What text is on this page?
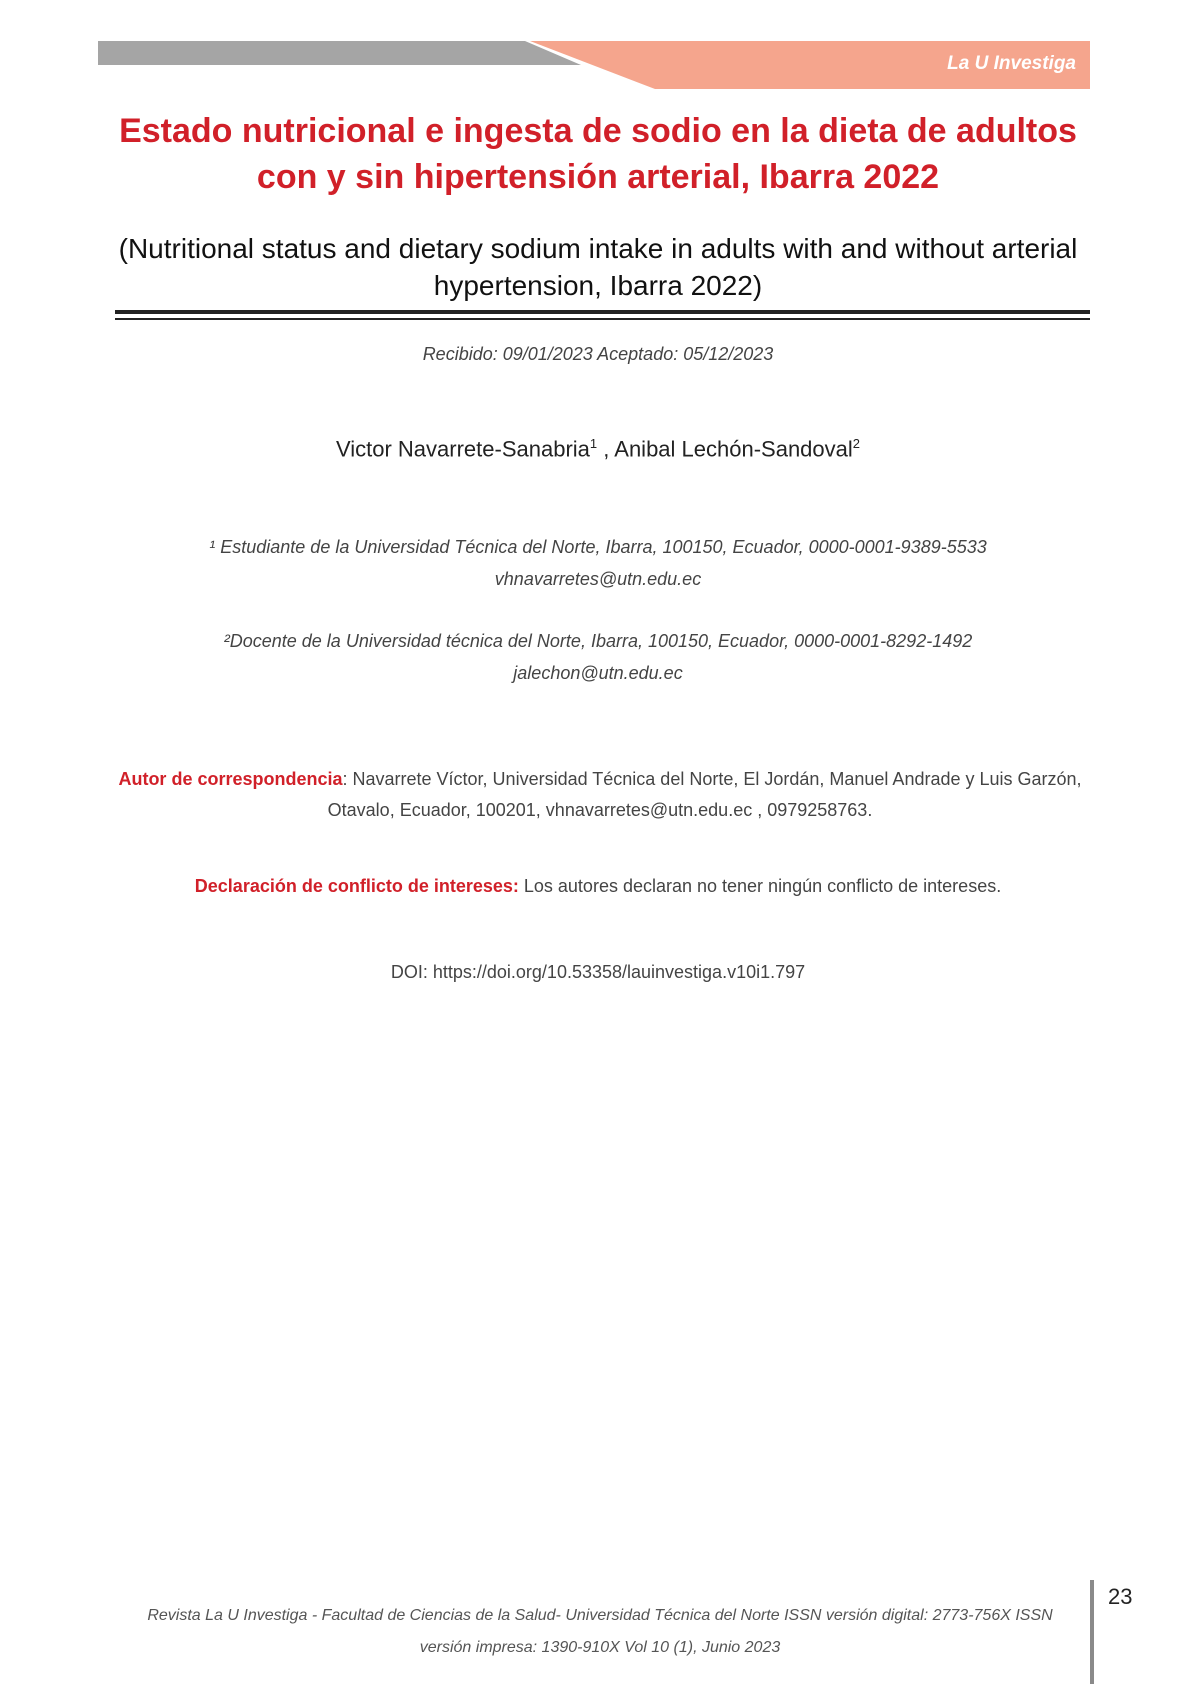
La U Investiga
Estado nutricional e ingesta de sodio en la dieta de adultos con y sin hipertensión arterial, Ibarra 2022

(Nutritional status and dietary sodium intake in adults with and without arterial hypertension, Ibarra 2022)

Recibido: 09/01/2023 Aceptado: 05/12/2023
Victor Navarrete-Sanabria$^1$ , Anibal Lechón-Sandoval$^2$
¹ Estudiante de la Universidad Técnica del Norte, Ibarra, 100150, Ecuador, 0000-0001-9389-5533
vhnavarretes@utn.edu.ec
²Docente de la Universidad técnica del Norte, Ibarra, 100150, Ecuador, 0000-0001-8292-1492
jalechon@utn.edu.ec
Autor de correspondencia: Navarrete Víctor, Universidad Técnica del Norte, El Jordán, Manuel Andrade y Luis Garzón, Otavalo, Ecuador, 100201, vhnavarretes@utn.edu.ec , 0979258763.
Declaración de conflicto de intereses: Los autores declaran no tener ningún conflicto de intereses.
DOI: https://doi.org/10.53358/lauinvestiga.v10i1.797
Revista La U Investiga - Facultad de Ciencias de la Salud- Universidad Técnica del Norte ISSN versión digital: 2773-756X ISSN
versión impresa: 1390-910X Vol 10 (1), Junio 2023
23
